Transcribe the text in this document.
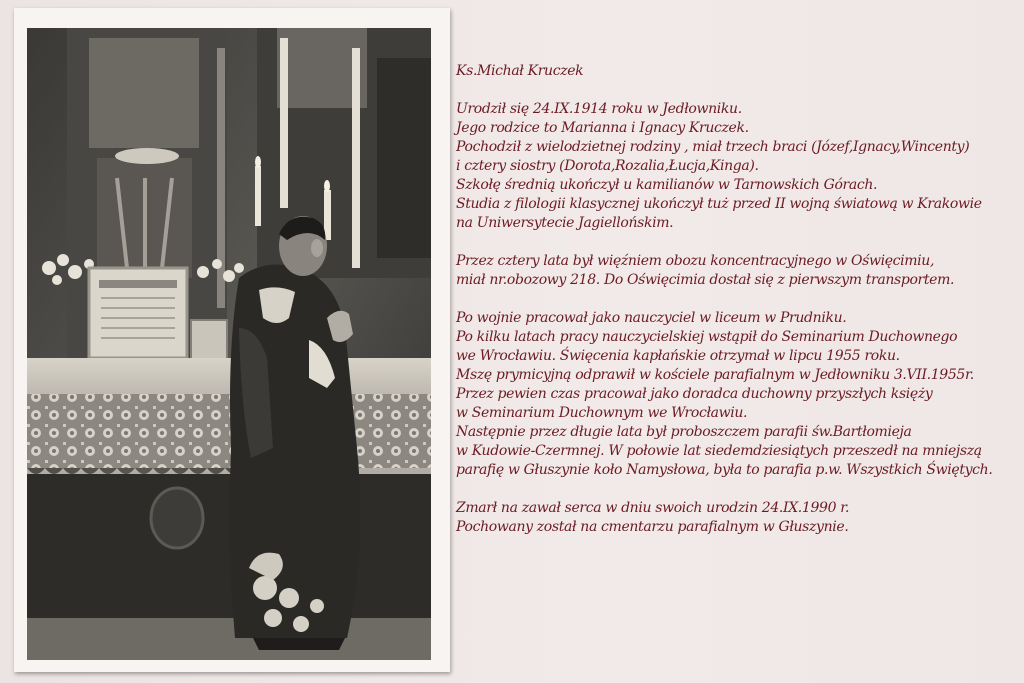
Ks.Michał Kruczek
Urodził się 24.IX.1914 roku w Jedłowniku.
Jego rodzice to Marianna i Ignacy Kruczek.
Pochodził z wielodzietnej rodziny , miał trzech braci (Józef,Ignacy,Wincenty)
i cztery siostry (Dorota,Rozalia,Łucja,Kinga).
Szkołę średnią ukończył u kamilianów w Tarnowskich Górach.
Studia z filologii klasycznej ukończył tuż przed II wojną światową w Krakowie
na Uniwersytecie Jagiellońskim.
Przez cztery lata był więźniem obozu koncentracyjnego w Oświęcimiu,
miał nr.obozowy 218. Do Oświęcimia dostał się z pierwszym transportem.
Po wojnie pracował jako nauczyciel w liceum w Prudniku.
Po kilku latach pracy nauczycielskiej wstąpił do Seminarium Duchownego
we Wrocławiu. Święcenia kapłańskie otrzymał w lipcu 1955 roku.
Mszę prymicyjną odprawił w kościele parafialnym w Jedłowniku 3.VII.1955r.
Przez pewien czas pracował jako doradca duchowny przyszłych księży
w Seminarium Duchownym we Wrocławiu.
Następnie przez długie lata był proboszczem parafii św.Bartłomieja
w Kudowie-Czermnej. W połowie lat siedemdziesiątych przeszedł na mniejszą
parafię w Głuszynie koło Namysłowa, była to parafia p.w. Wszystkich Świętych.
Zmarł na zawał serca w dniu swoich urodzin 24.IX.1990 r.
Pochowany został na cmentarzu parafialnym w Głuszynie.
